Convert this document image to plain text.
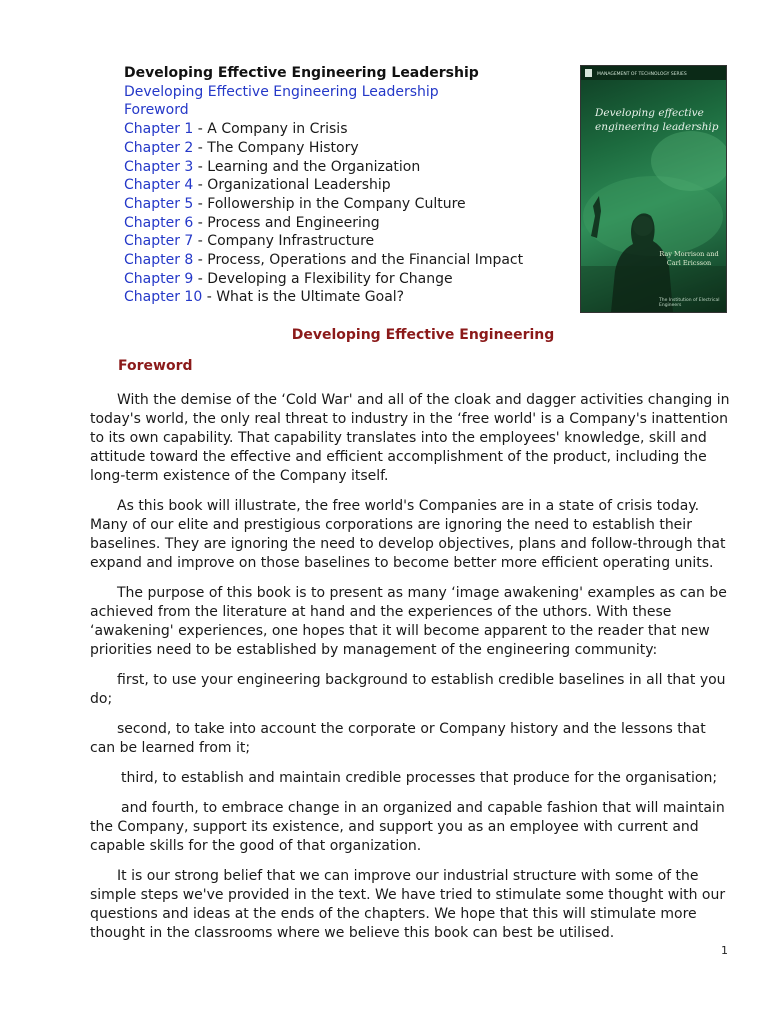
Developing Effective Engineering Leadership
Developing Effective Engineering Leadership
Foreword
Chapter 1 - A Company in Crisis
Chapter 2 - The Company History
Chapter 3 - Learning and the Organization
Chapter 4 - Organizational Leadership
Chapter 5 - Followership in the Company Culture
Chapter 6 - Process and Engineering
Chapter 7 - Company Infrastructure
Chapter 8 - Process, Operations and the Financial Impact
Chapter 9 - Developing a Flexibility for Change
Chapter 10 - What is the Ultimate Goal?
MANAGEMENT OF TECHNOLOGY SERIES
Developing effective engineering leadership
Ray Morrison and Carl Ericsson
The Institution of Electrical Engineers
Developing Effective Engineering
Foreword

With the demise of the ‘Cold War' and all of the cloak and dagger activities changing in today's world, the only real threat to industry in the ‘free world' is a Company's inattention to its own capability. That capability translates into the employees' knowledge, skill and attitude toward the effective and efficient accomplishment of the product, including the long-term existence of the Company itself.

As this book will illustrate, the free world's Companies are in a state of crisis today. Many of our elite and prestigious corporations are ignoring the need to establish their baselines. They are ignoring the need to develop objectives, plans and follow-through that expand and improve on those baselines to become better more efficient operating units.

The purpose of this book is to present as many ‘image awakening' examples as can be achieved from the literature at hand and the experiences of the uthors. With these ‘awakening' experiences, one hopes that it will become apparent to the reader that new priorities need to be established by management of the engineering community:

first, to use your engineering background to establish credible baselines in all that you do;

second, to take into account the corporate or Company history and the lessons that can be learned from it;

third, to establish and maintain credible processes that produce for the organisation;

and fourth, to embrace change in an organized and capable fashion that will maintain the Company, support its existence, and support you as an employee with current and capable skills for the good of that organization.

It is our strong belief that we can improve our industrial structure with some of the simple steps we've provided in the text. We have tried to stimulate some thought with our questions and ideas at the ends of the chapters. We hope that this will stimulate more thought in the classrooms where we believe this book can best be utilised.

1
